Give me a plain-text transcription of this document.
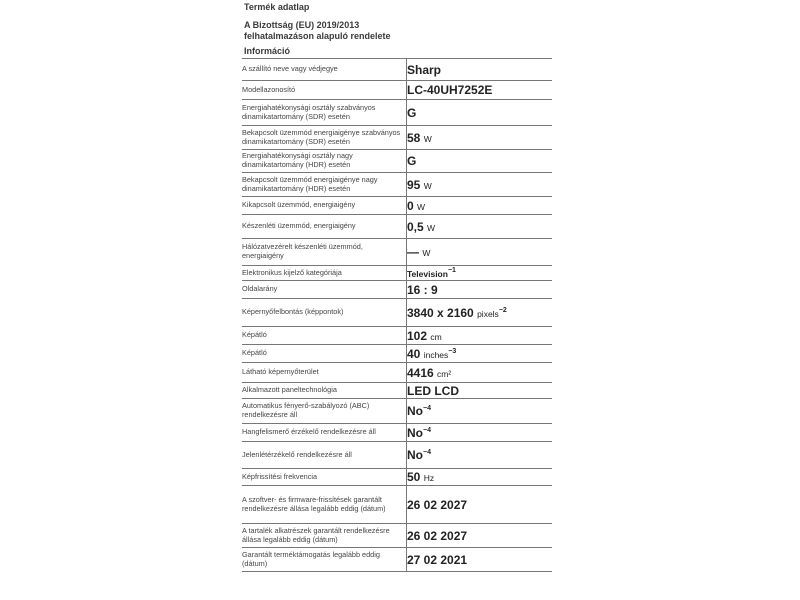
Termék adatlap
A Bizottság (EU) 2019/2013
felhatalmazáson alapuló rendelete
Információ
A szállító neve vagy védjegye	Sharp
Modellazonosító	LC-40UH7252E
Energiahatékonysági osztály szabványos dinamikatartomány (SDR) esetén	G
Bekapcsolt üzemmód energiaigénye szabványos dinamikatartomány (SDR) esetén	58 W
Energiahatékonysági osztály nagy dinamikatartomány (HDR) esetén	G
Bekapcsolt üzemmód energiaigénye nagy dinamikatartomány (HDR) esetén	95 W
Kikapcsolt üzemmód, energiaigény	0 W
Készenléti üzemmód, energiaigény	0,5 W
Hálózatvezérelt készenléti üzemmód, energiaigény	— W
Elektronikus kijelző kategóriája	Television$^{-1}$
Oldalarány	16 : 9
Képernyőfelbontás (képpontok)	3840 x 2160 pixels$^{-2}$
Képátló	102 cm
Képátló	40 inches$^{-3}$
Látható képernyőterület	4416 cm²
Alkalmazott paneltechnológia	LED LCD
Automatikus fényerő-szabályozó (ABC) rendelkezésre áll	$No^{-4}$
Hangfelismerő érzékelő rendelkezésre áll	$No^{-4}$
Jelenlétérzékelő rendelkezésre áll	$No^{-4}$
Képfrissítési frekvencia	50 Hz
A szoftver- és firmware-frissítések garantált rendelkezésre állása legalább eddig (dátum)	26 02 2027
A tartalék alkatrészek garantált rendelkezésre állása legalább eddig (dátum)	26 02 2027
Garantált terméktámogatás legalább eddig (dátum)	27 02 2021
